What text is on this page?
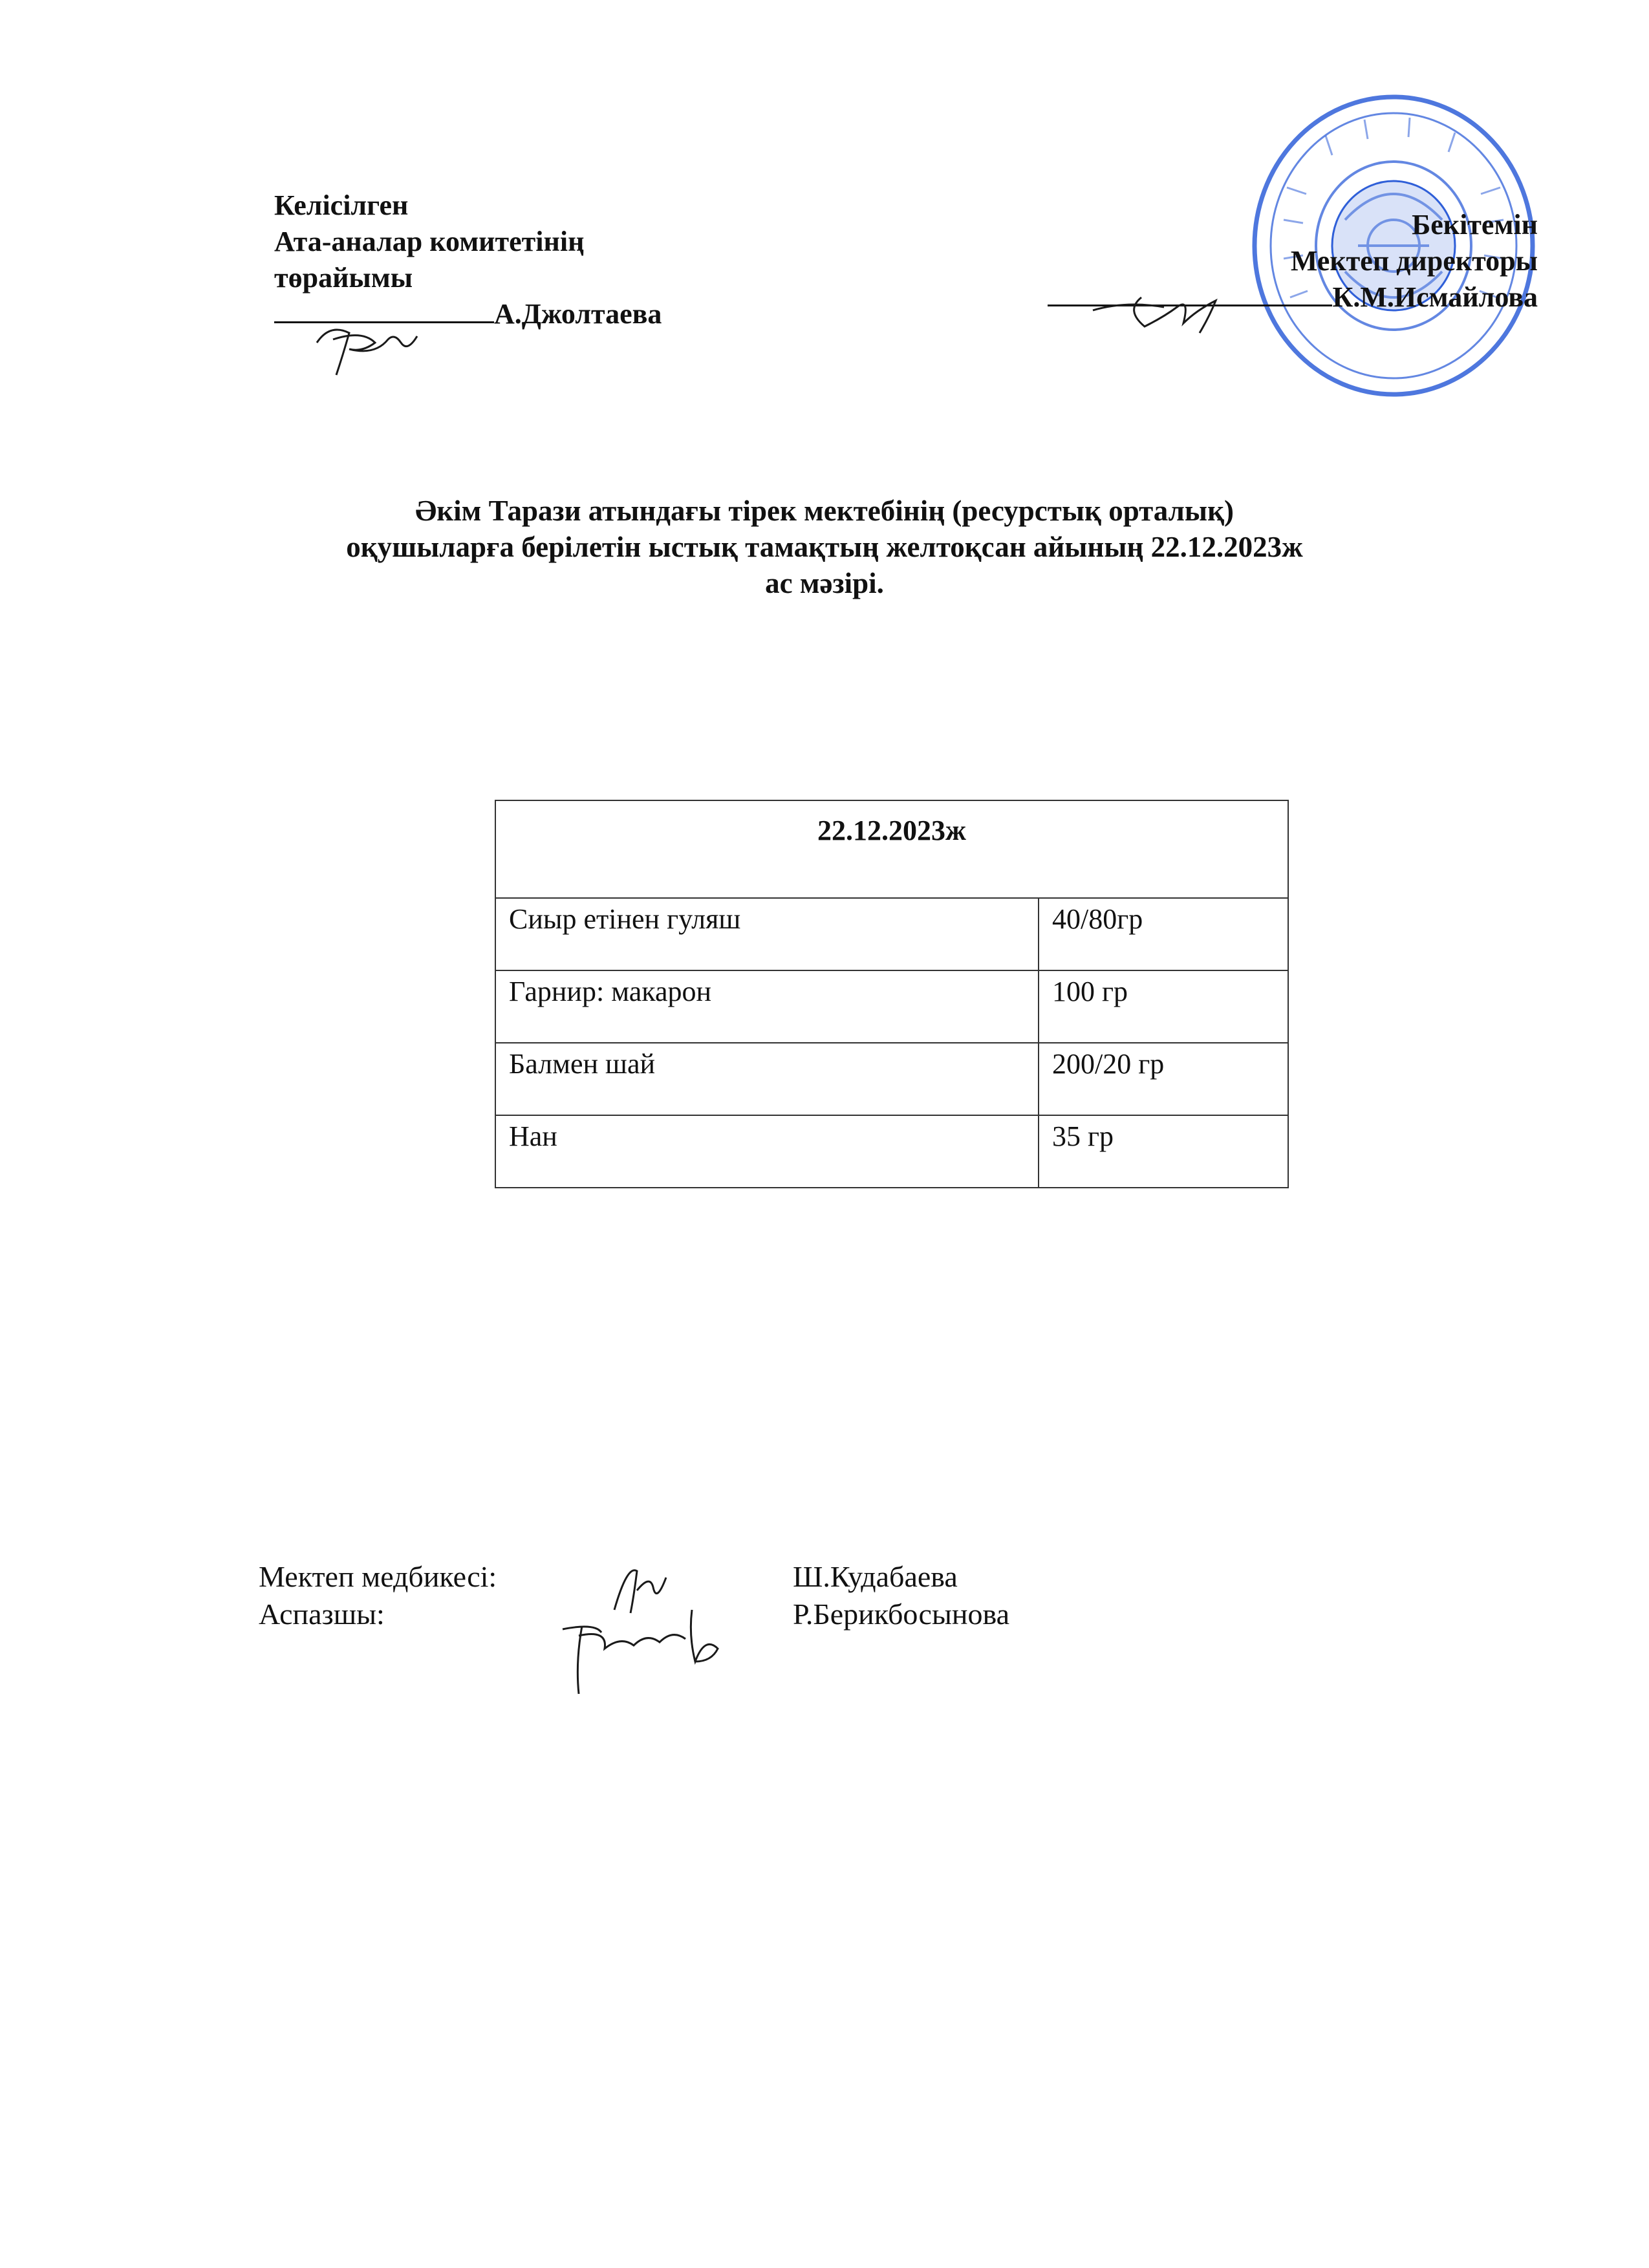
Келісілген
Ата-аналар комитетінің
төрайымы
А.Джолтаева
Бекітемін
Мектеп директоры
К.М.Исмайлова
Әкім Тарази атындағы тірек мектебінің (ресурстық орталық)
оқушыларға берілетін ыстық тамақтың желтоқсан айының 22.12.2023ж
ас мәзірі.
22.12.2023ж	
Сиыр етінен гуляш	40/80гр
Гарнир: макарон	100 гр
Балмен шай	200/20 гр
Нан	35 гр
Мектеп медбикесі:	Ш.Кудабаева
Аспазшы:	Р.Берикбосынова
